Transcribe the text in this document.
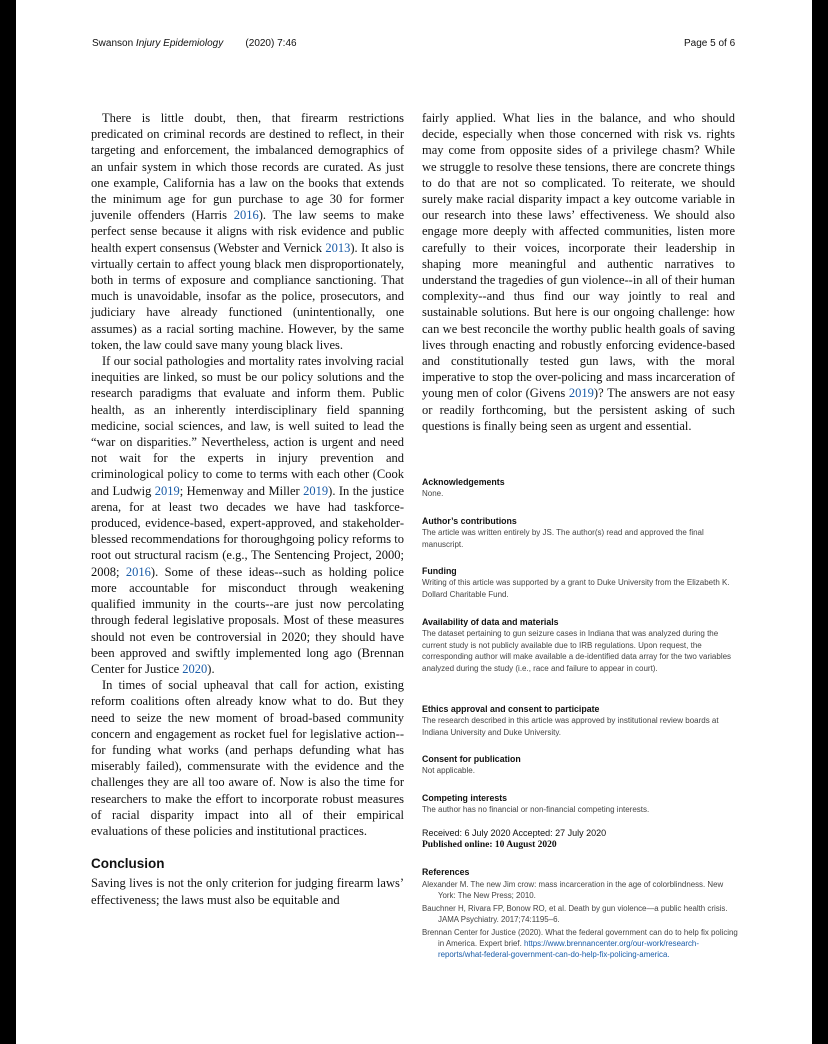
Swanson Injury Epidemiology (2020) 7:46	Page 5 of 6

There is little doubt, then, that firearm restrictions predicated on criminal records are destined to reflect, in their targeting and enforcement, the imbalanced demographics of an unfair system in which those records are curated. As just one example, California has a law on the books that extends the minimum age for gun purchase to age 30 for former juvenile offenders (Harris 2016). The law seems to make perfect sense because it aligns with risk evidence and public health expert consensus (Webster and Vernick 2013). It also is virtually certain to affect young black men disproportionately, both in terms of exposure and compliance sanctioning. That much is unavoidable, insofar as the police, prosecutors, and judiciary have already functioned (unintentionally, one assumes) as a racial sorting machine. However, by the same token, the law could save many young black lives.

If our social pathologies and mortality rates involving racial inequities are linked, so must be our policy solutions and the research paradigms that evaluate and inform them. Public health, as an inherently interdisciplinary field spanning medicine, social sciences, and law, is well suited to lead the “war on disparities.” Nevertheless, action is urgent and need not wait for the experts in injury prevention and criminological policy to come to terms with each other (Cook and Ludwig 2019; Hemenway and Miller 2019). In the justice arena, for at least two decades we have had taskforce-produced, evidence-based, expert-approved, and stakeholder-blessed recommendations for thoroughgoing policy reforms to root out structural racism (e.g., The Sentencing Project, 2000; 2008; 2016). Some of these ideas--such as holding police more accountable for misconduct through weakening qualified immunity in the courts--are just now percolating through federal legislative proposals. Most of these measures should not even be controversial in 2020; they should have been approved and swiftly implemented long ago (Brennan Center for Justice 2020).

In times of social upheaval that call for action, existing reform coalitions often already know what to do. But they need to seize the new moment of broad-based community concern and engagement as rocket fuel for legislative action--for funding what works (and perhaps defunding what has miserably failed), commensurate with the evidence and the challenges they are all too aware of. Now is also the time for researchers to make the effort to incorporate robust measures of racial disparity impact into all of their empirical evaluations of these policies and institutional practices.

Conclusion

Saving lives is not the only criterion for judging firearm laws’ effectiveness; the laws must also be equitable and

fairly applied. What lies in the balance, and who should decide, especially when those concerned with risk vs. rights may come from opposite sides of a privilege chasm? While we struggle to resolve these tensions, there are concrete things to do that are not so complicated. To reiterate, we should surely make racial disparity impact a key outcome variable in our research into these laws’ effectiveness. We should also engage more deeply with affected communities, listen more carefully to their voices, incorporate their leadership in shaping more meaningful and authentic narratives to understand the tragedies of gun violence--in all of their human complexity--and thus find our way jointly to real and sustainable solutions. But here is our ongoing challenge: how can we best reconcile the worthy public health goals of saving lives through enacting and robustly enforcing evidence-based and constitutionally tested gun laws, with the moral imperative to stop the over-policing and mass incarceration of young men of color (Givens 2019)? The answers are not easy or readily forthcoming, but the persistent asking of such questions is finally being seen as urgent and essential.

Acknowledgements
None.
Author’s contributions
The article was written entirely by JS. The author(s) read and approved the final manuscript.
Funding
Writing of this article was supported by a grant to Duke University from the Elizabeth K. Dollard Charitable Fund.
Availability of data and materials
The dataset pertaining to gun seizure cases in Indiana that was analyzed during the current study is not publicly available due to IRB regulations. Upon request, the corresponding author will make available a de-identified data array for the two variables analyzed during the study (i.e., race and failure to appear in court).
Ethics approval and consent to participate
The research described in this article was approved by institutional review boards at Indiana University and Duke University.
Consent for publication
Not applicable.
Competing interests
The author has no financial or non-financial competing interests.
Received: 6 July 2020 Accepted: 27 July 2020
Published online: 10 August 2020
References
Alexander M. The new Jim crow: mass incarceration in the age of colorblindness. New York: The New Press; 2010.
Bauchner H, Rivara FP, Bonow RO, et al. Death by gun violence—a public health crisis. JAMA Psychiatry. 2017;74:1195–6.
Brennan Center for Justice (2020). What the federal government can do to help fix policing in America. Expert brief. https://www.brennancenter.org/our-work/research-reports/what-federal-government-can-do-help-fix-policing-america.
